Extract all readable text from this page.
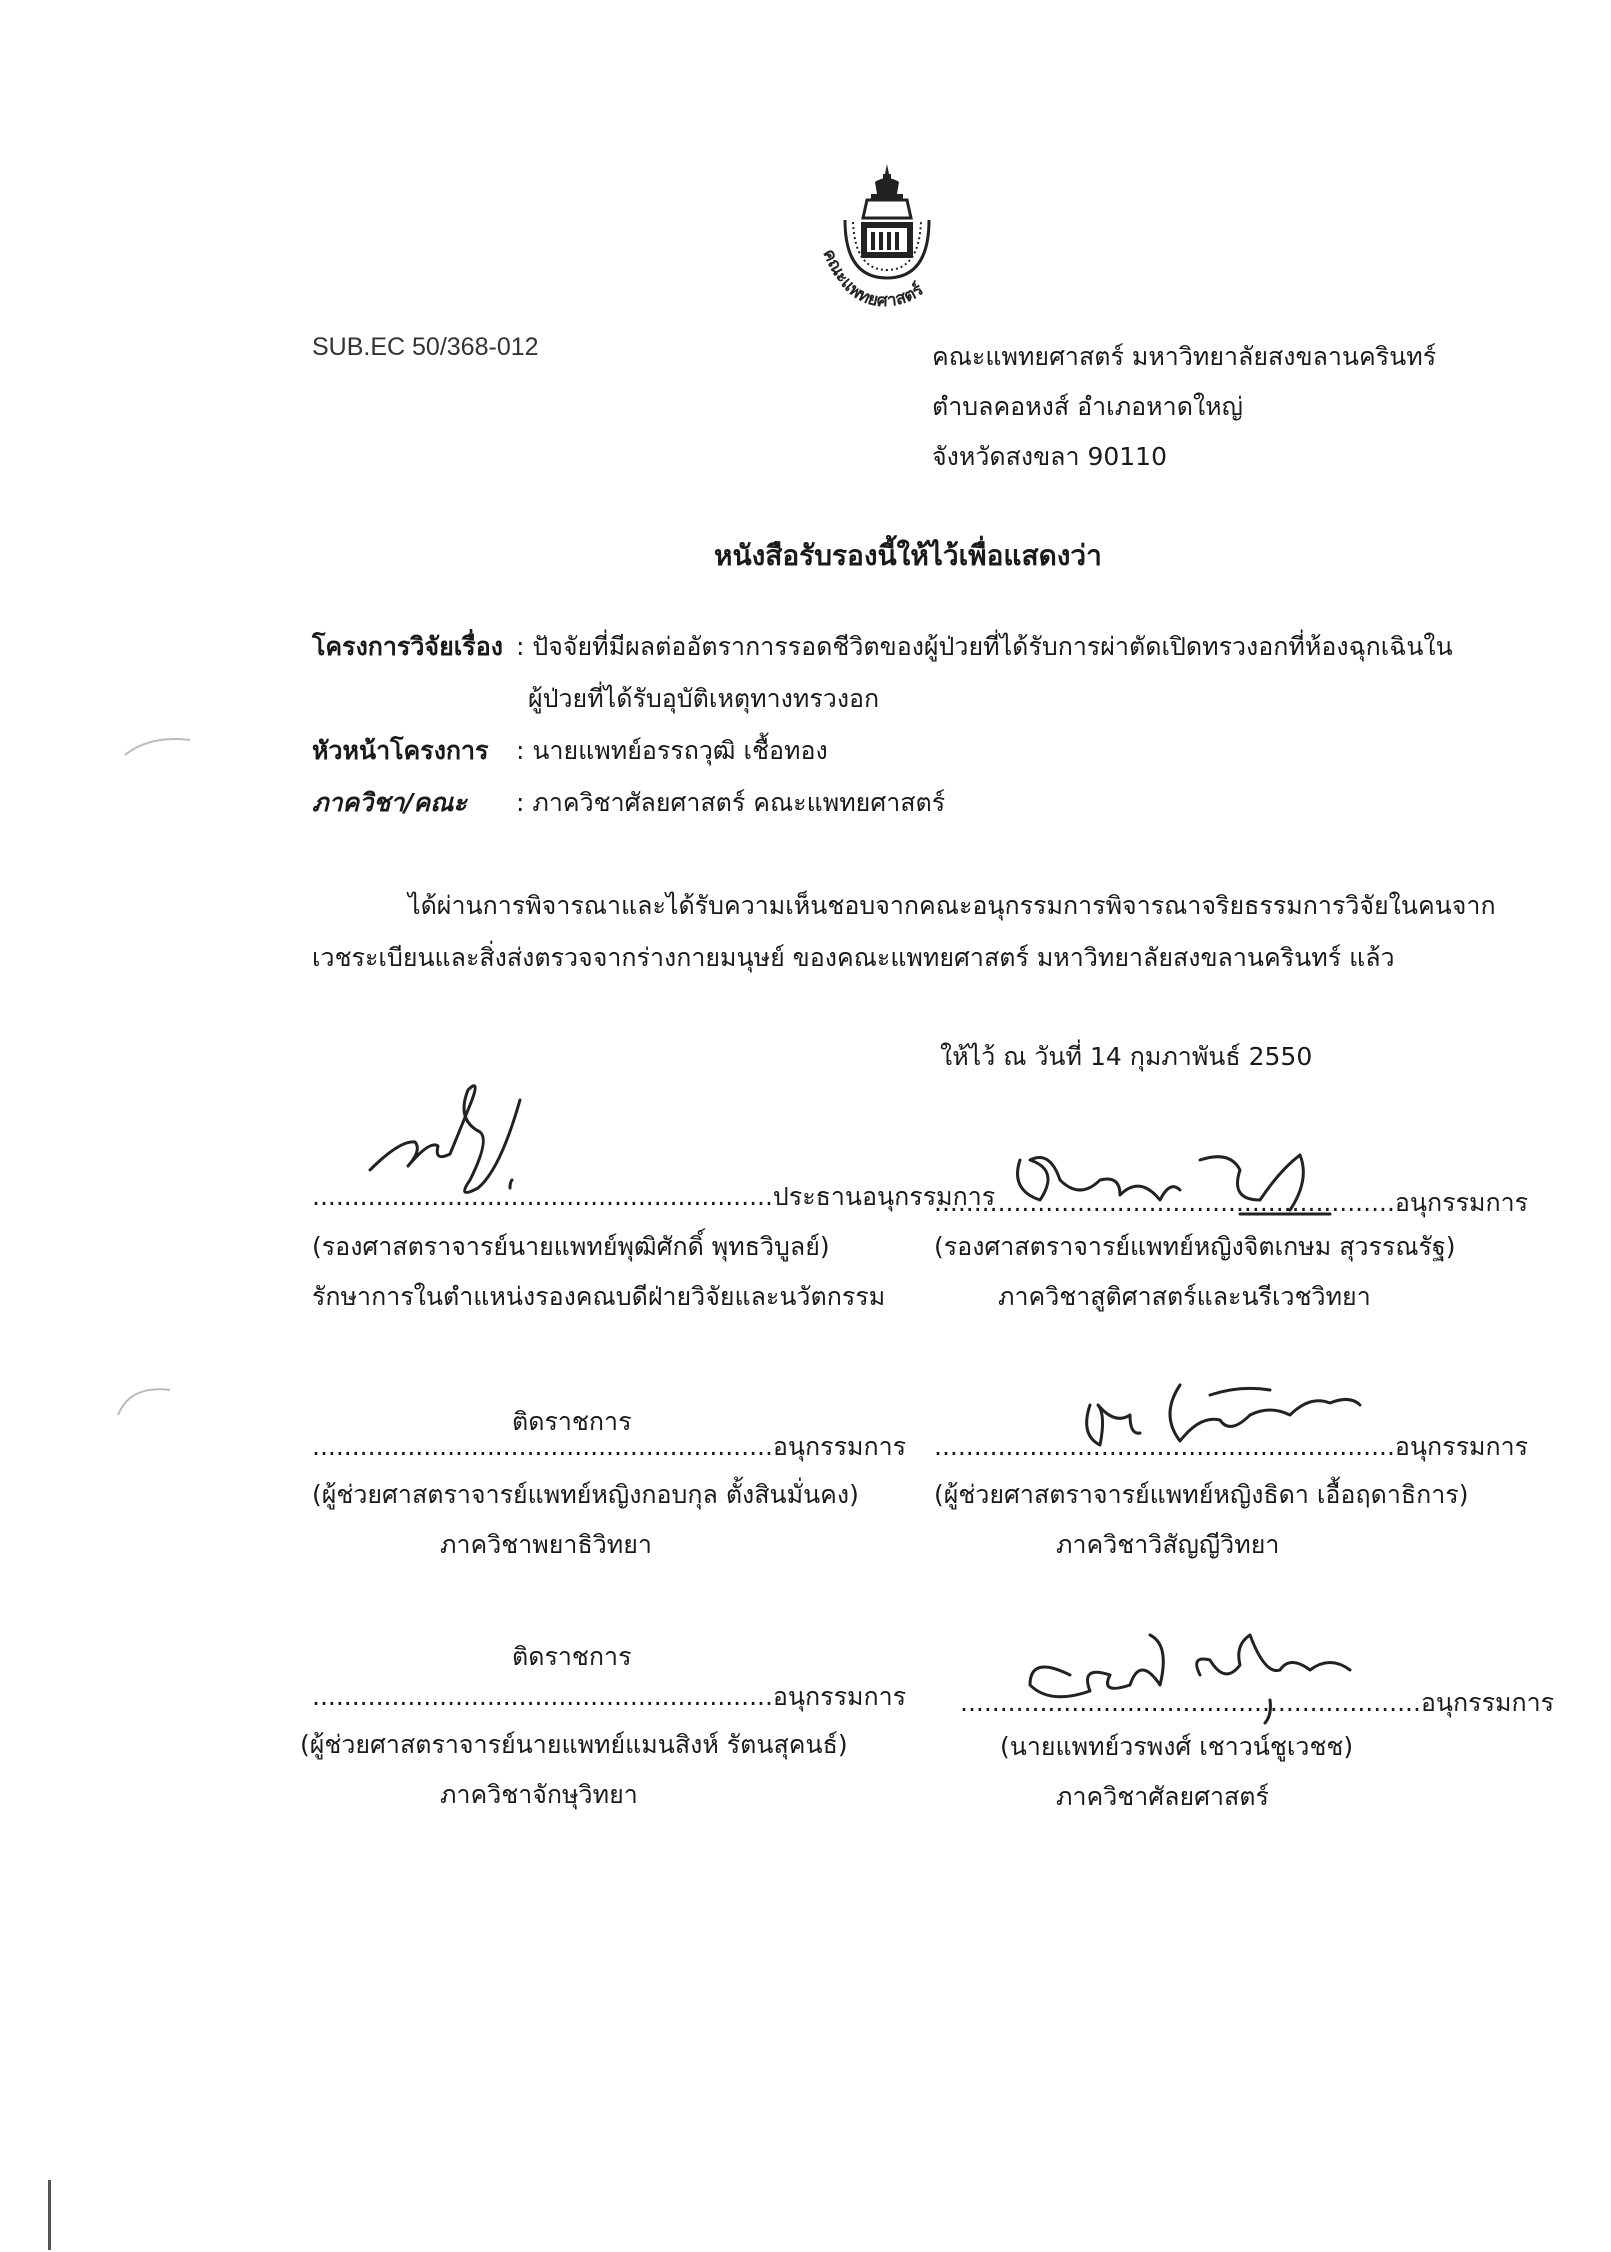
คณะแพทยศาสตร์
SUB.EC 50/368-012	คณะแพทยศาสตร์ มหาวิทยาลัยสงขลานครินทร์
ตำบลคอหงส์ อำเภอหาดใหญ่
จังหวัดสงขลา 90110
หนังสือรับรองนี้ให้ไว้เพื่อแสดงว่า
โครงการวิจัยเรื่อง : ปัจจัยที่มีผลต่ออัตราการรอดชีวิตของผู้ป่วยที่ได้รับการผ่าตัดเปิดทรวงอกที่ห้องฉุกเฉินใน
ผู้ป่วยที่ได้รับอุบัติเหตุทางทรวงอก
หัวหน้าโครงการ : นายแพทย์อรรถวุฒิ เชื้อทอง
ภาควิชา/คณะ : ภาควิชาศัลยศาสตร์ คณะแพทยศาสตร์
ได้ผ่านการพิจารณาและได้รับความเห็นชอบจากคณะอนุกรรมการพิจารณาจริยธรรมการวิจัยในคนจาก
เวชระเบียนและสิ่งส่งตรวจจากร่างกายมนุษย์ ของคณะแพทยศาสตร์ มหาวิทยาลัยสงขลานครินทร์ แล้ว
ให้ไว้ ณ วันที่ 14 กุมภาพันธ์ 2550
..........................................................ประธานอนุกรรมการ
(รองศาสตราจารย์นายแพทย์พุฒิศักดิ์ พุทธวิบูลย์)
รักษาการในตำแหน่งรองคณบดีฝ่ายวิจัยและนวัตกรรม
..........................................................อนุกรรมการ
(รองศาสตราจารย์แพทย์หญิงจิตเกษม สุวรรณรัฐ)
ภาควิชาสูติศาสตร์และนรีเวชวิทยา
ติดราชการ
..........................................................อนุกรรมการ
(ผู้ช่วยศาสตราจารย์แพทย์หญิงกอบกุล ตั้งสินมั่นคง)
ภาควิชาพยาธิวิทยา
..........................................................อนุกรรมการ
(ผู้ช่วยศาสตราจารย์แพทย์หญิงธิดา เอื้อฤดาธิการ)
ภาควิชาวิสัญญีวิทยา
ติดราชการ
..........................................................อนุกรรมการ
(ผู้ช่วยศาสตราจารย์นายแพทย์แมนสิงห์ รัตนสุคนธ์)
ภาควิชาจักษุวิทยา
..........................................................อนุกรรมการ
(นายแพทย์วรพงศ์ เชาวน์ชูเวชช)
ภาควิชาศัลยศาสตร์
